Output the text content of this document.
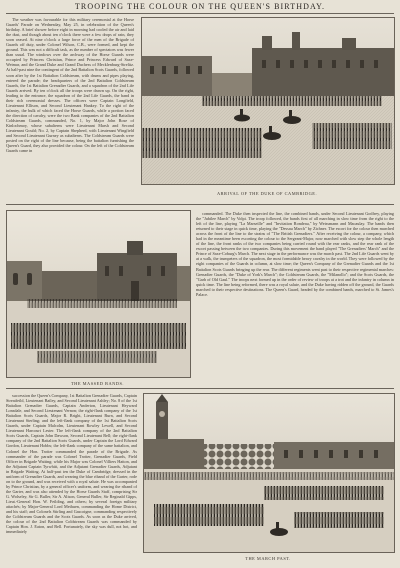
TROOPING THE COLOUR ON THE QUEEN'S BIRTHDAY.

The weather was favourable for this military ceremonial at the Horse Guards' Parade on Wednesday, May 25, in celebration of the Queen's birthday. A brief shower before eight in morning had cooled the air and laid the dust, and though about ten o'clock there were a few drops of rain, they soon ceased. At nine o'clock a large force of the men of the Brigade of Guards off duty, under Colonel Wilson, C.B., were formed, and kept the ground. This was not a difficult task, as the number of spectators was fewer than usual. The windows over the archway of the Horse Guards were occupied by Princess Christian, Prince and Princess Edward of Saxe-Weimar, and the Grand Duke and Grand Duchess of Mecklenburg-Strelitz. At half-past nine the contingent of the 2nd Battalion Scots Guards, followed soon after by the 1st Battalion Coldstream, with drums and pipes playing, entered the parade; the headquarters of the 2nd Battalion Coldstream Guards, the 1st Battalion Grenadier Guards, and a squadron of the 2nd Life Guards arrived. By ten o'clock all the troops were drawn up. On the right, leading to the entrance, the squadron of the 2nd Life Guards, the band in their rich ceremonial dresses. The officers were Captain Longfield, Lieutenant Ellison, and Second Lieutenant Hankey. To the right of the infantry, the bulk of which faced the Horse Guards, while a portion faced the direction of cavalry, were the two Bank companies of the 2nd Battalion Coldstream Guards, commanded, No. 1, by Major John Rose of Kinlochmoy, whose subalterns were Lieutenant Marsh and Second Lieutenant Gould; No. 2, by Captain Shepherd, with Lieutenant Wingfield and Second Lieutenant Gurney as subalterns. The Coldstream Guards were posted on the right of the line because, being the battalion furnishing the Queen's Guard, they also provided the colour. On the left of the Coldstream Guards came in

ARRIVAL OF THE DUKE OF CAMBRIDGE.
THE MASSED BANDS.

commanded. The Duke then inspected the line, the combined bands, under Second Lieutenant Godfrey, playing the "Jubilee March" by Volpi. The troop followed, the bands first of all marching in slow time from the right to the left of the line, playing "La Marseille" and "Invitation Rondeau," by Weissmann and Macaulay. The bands then returned to their stage in quick time, playing the "Dessau March" by Zichner. The escort for the colour then marched across the front of the line to the strains of "The British Grenadiers." After receiving the colour, a company, which had in the meantime been escorting the colour to the Sergeant-Major, now marched with slow step the whole length of the line, the front ranks of the two companies being carried round with the rear ranks, and the rear rank of the escort passing between the two companies. During this movement the band played "The Grenadiers' March" and the Prince of Saxe-Coburg's March. The next stage in the performance was the march past. The 2nd Life Guards went by at a walk, the trumpeters of the squadron, the most formidable heavy cavalry in the world. They were followed by the eight companies of the Guards in column, at slow time; the Queen's Company of the Grenadier Guards and the 1st Battalion Scots Guards bringing up the rear. The different regiments went past to their respective regimental marches: Grenadier Guards, the "Duke of York's March"; the Coldstream Guards, the "Milanollo"; and the Scots Guards, the "Garb of Old Gaul." The troops next formed up in the order of review of troops at a trot and the infantry in column in quick time. The line being reformed, there was a royal salute, and the Duke having ridden off the ground, the Guards marched to their respective destinations. The Queen's Guard, headed by the combined bands, marched to St. James's Palace.

succession the Queen's Company, 1st Battalion Grenadier Guards, Captain Streatfeild, Lieutenant Bailey, and Second Lieutenant Ashley; No. 8 of the 1st Battalion Grenadier Guards, Captain Anderton, Lieutenant Heyward Lonsdale, and Second Lieutenant Vernon; the right-flank company of the 1st Battalion Scots Guards, Major R. Bright, Lieutenant Burn, and Second Lieutenant Sterling; and the left-flank company of the 1st Battalion Scots Guards, under Captain Malcolm, Lieutenant Rowley Lewell, and Second Lieutenant Harcourt Lester. The left-flank company of the 2nd Battalion Scots Guards, Captain John Dawson, Second Lieutenant Bell; the right-flank company of the 2nd Battalion Scots Guards, under Captain the Lord Edward Gordon, Lieutenant Hobbs; the left-flank company of the same battalion, and Colonel the Hon. Trotter commanded the parade of the Brigade. As commander of the parade was Colonel Trotter, Grenadier Guards, Field Officer in Brigade Waiting; while his Major was Colonel Villiers Hatton, and the Adjutant Captain Tyrwhitt, and the Adjutant Grenadier Guards, Adjutant in Brigade Waiting. At half-past ten the Duke of Cambridge, dressed in the uniform of Grenadier Guards, and wearing the blue riband of the Garter, rode on to the ground, and was received with a royal salute. He was accompanied by Prince Christian, by a general officer's uniform, and wearing the riband of the Garter, and was also attended by the Horse Guards Staff, comprising Sir G. Wolseley, Sir G. Buller, Sir A. Alison, General Buller, Sir Reginald Gipps, Lieut.-General Hon. W. Feilding, and others; by several foreign military attachés; by Major-General Lord Methuen, commanding the Home District, and his staff; and Colonels Stirling and Gascoigne, commanding respectively the Coldstream Guards and the Scots Guards. As soon as the Duke arrived, the colour of the 2nd Battalion Coldstream Guards was commanded by Captain Hon. J. Eaton, and Bell. Fortunately, the sky was dull, not hot, and immediately

THE MARCH PAST.
